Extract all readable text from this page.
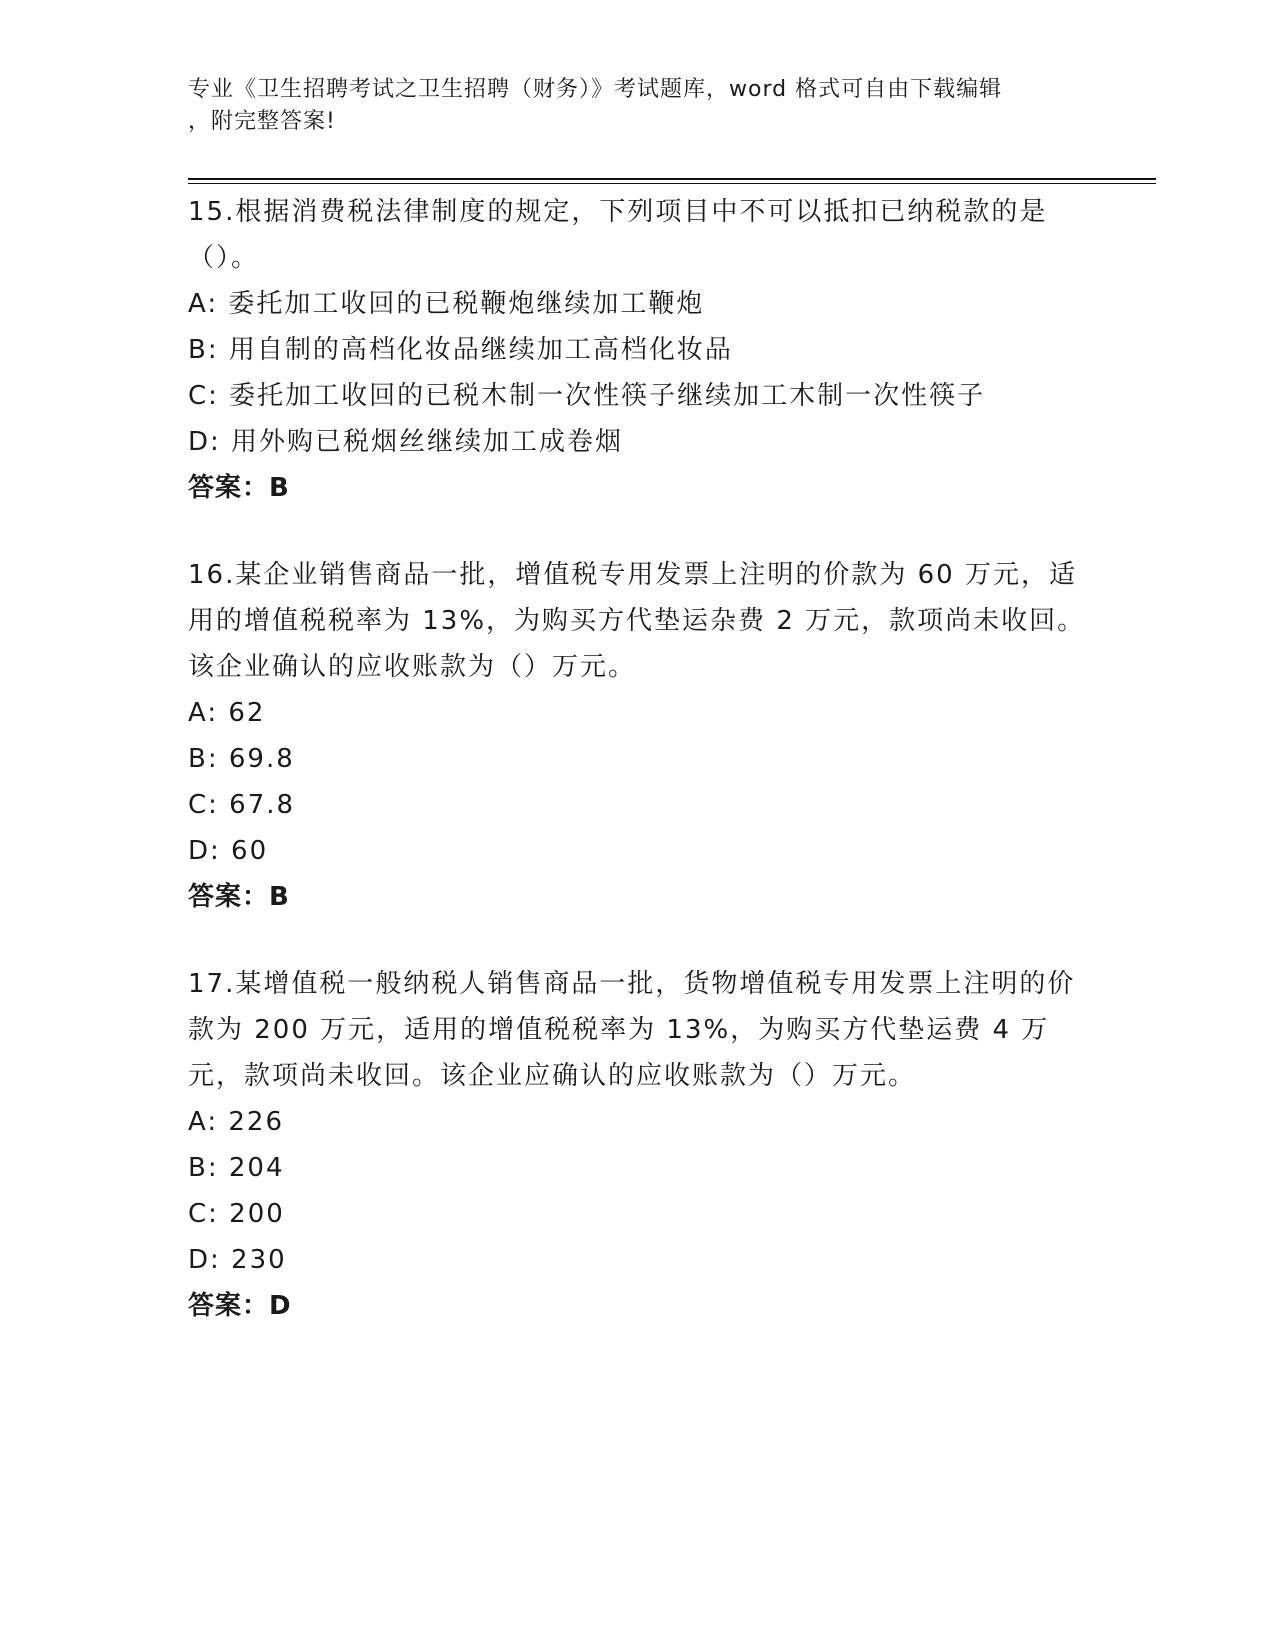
专业《卫生招聘考试之卫生招聘（财务）》考试题库，word 格式可自由下载编辑
，附完整答案!

15.根据消费税法律制度的规定，下列项目中不可以抵扣已纳税款的是（）。

A: 委托加工收回的已税鞭炮继续加工鞭炮
B: 用自制的高档化妆品继续加工高档化妆品
C: 委托加工收回的已税木制一次性筷子继续加工木制一次性筷子
D: 用外购已税烟丝继续加工成卷烟

答案：B

16.某企业销售商品一批，增值税专用发票上注明的价款为 60 万元，适用的增值税税率为 13%，为购买方代垫运杂费 2 万元，款项尚未收回。该企业确认的应收账款为（）万元。

A: 62
B: 69.8
C: 67.8
D: 60

答案：B

17.某增值税一般纳税人销售商品一批，货物增值税专用发票上注明的价款为 200 万元，适用的增值税税率为 13%，为购买方代垫运费 4 万元，款项尚未收回。该企业应确认的应收账款为（）万元。

A: 226
B: 204
C: 200
D: 230

答案：D
